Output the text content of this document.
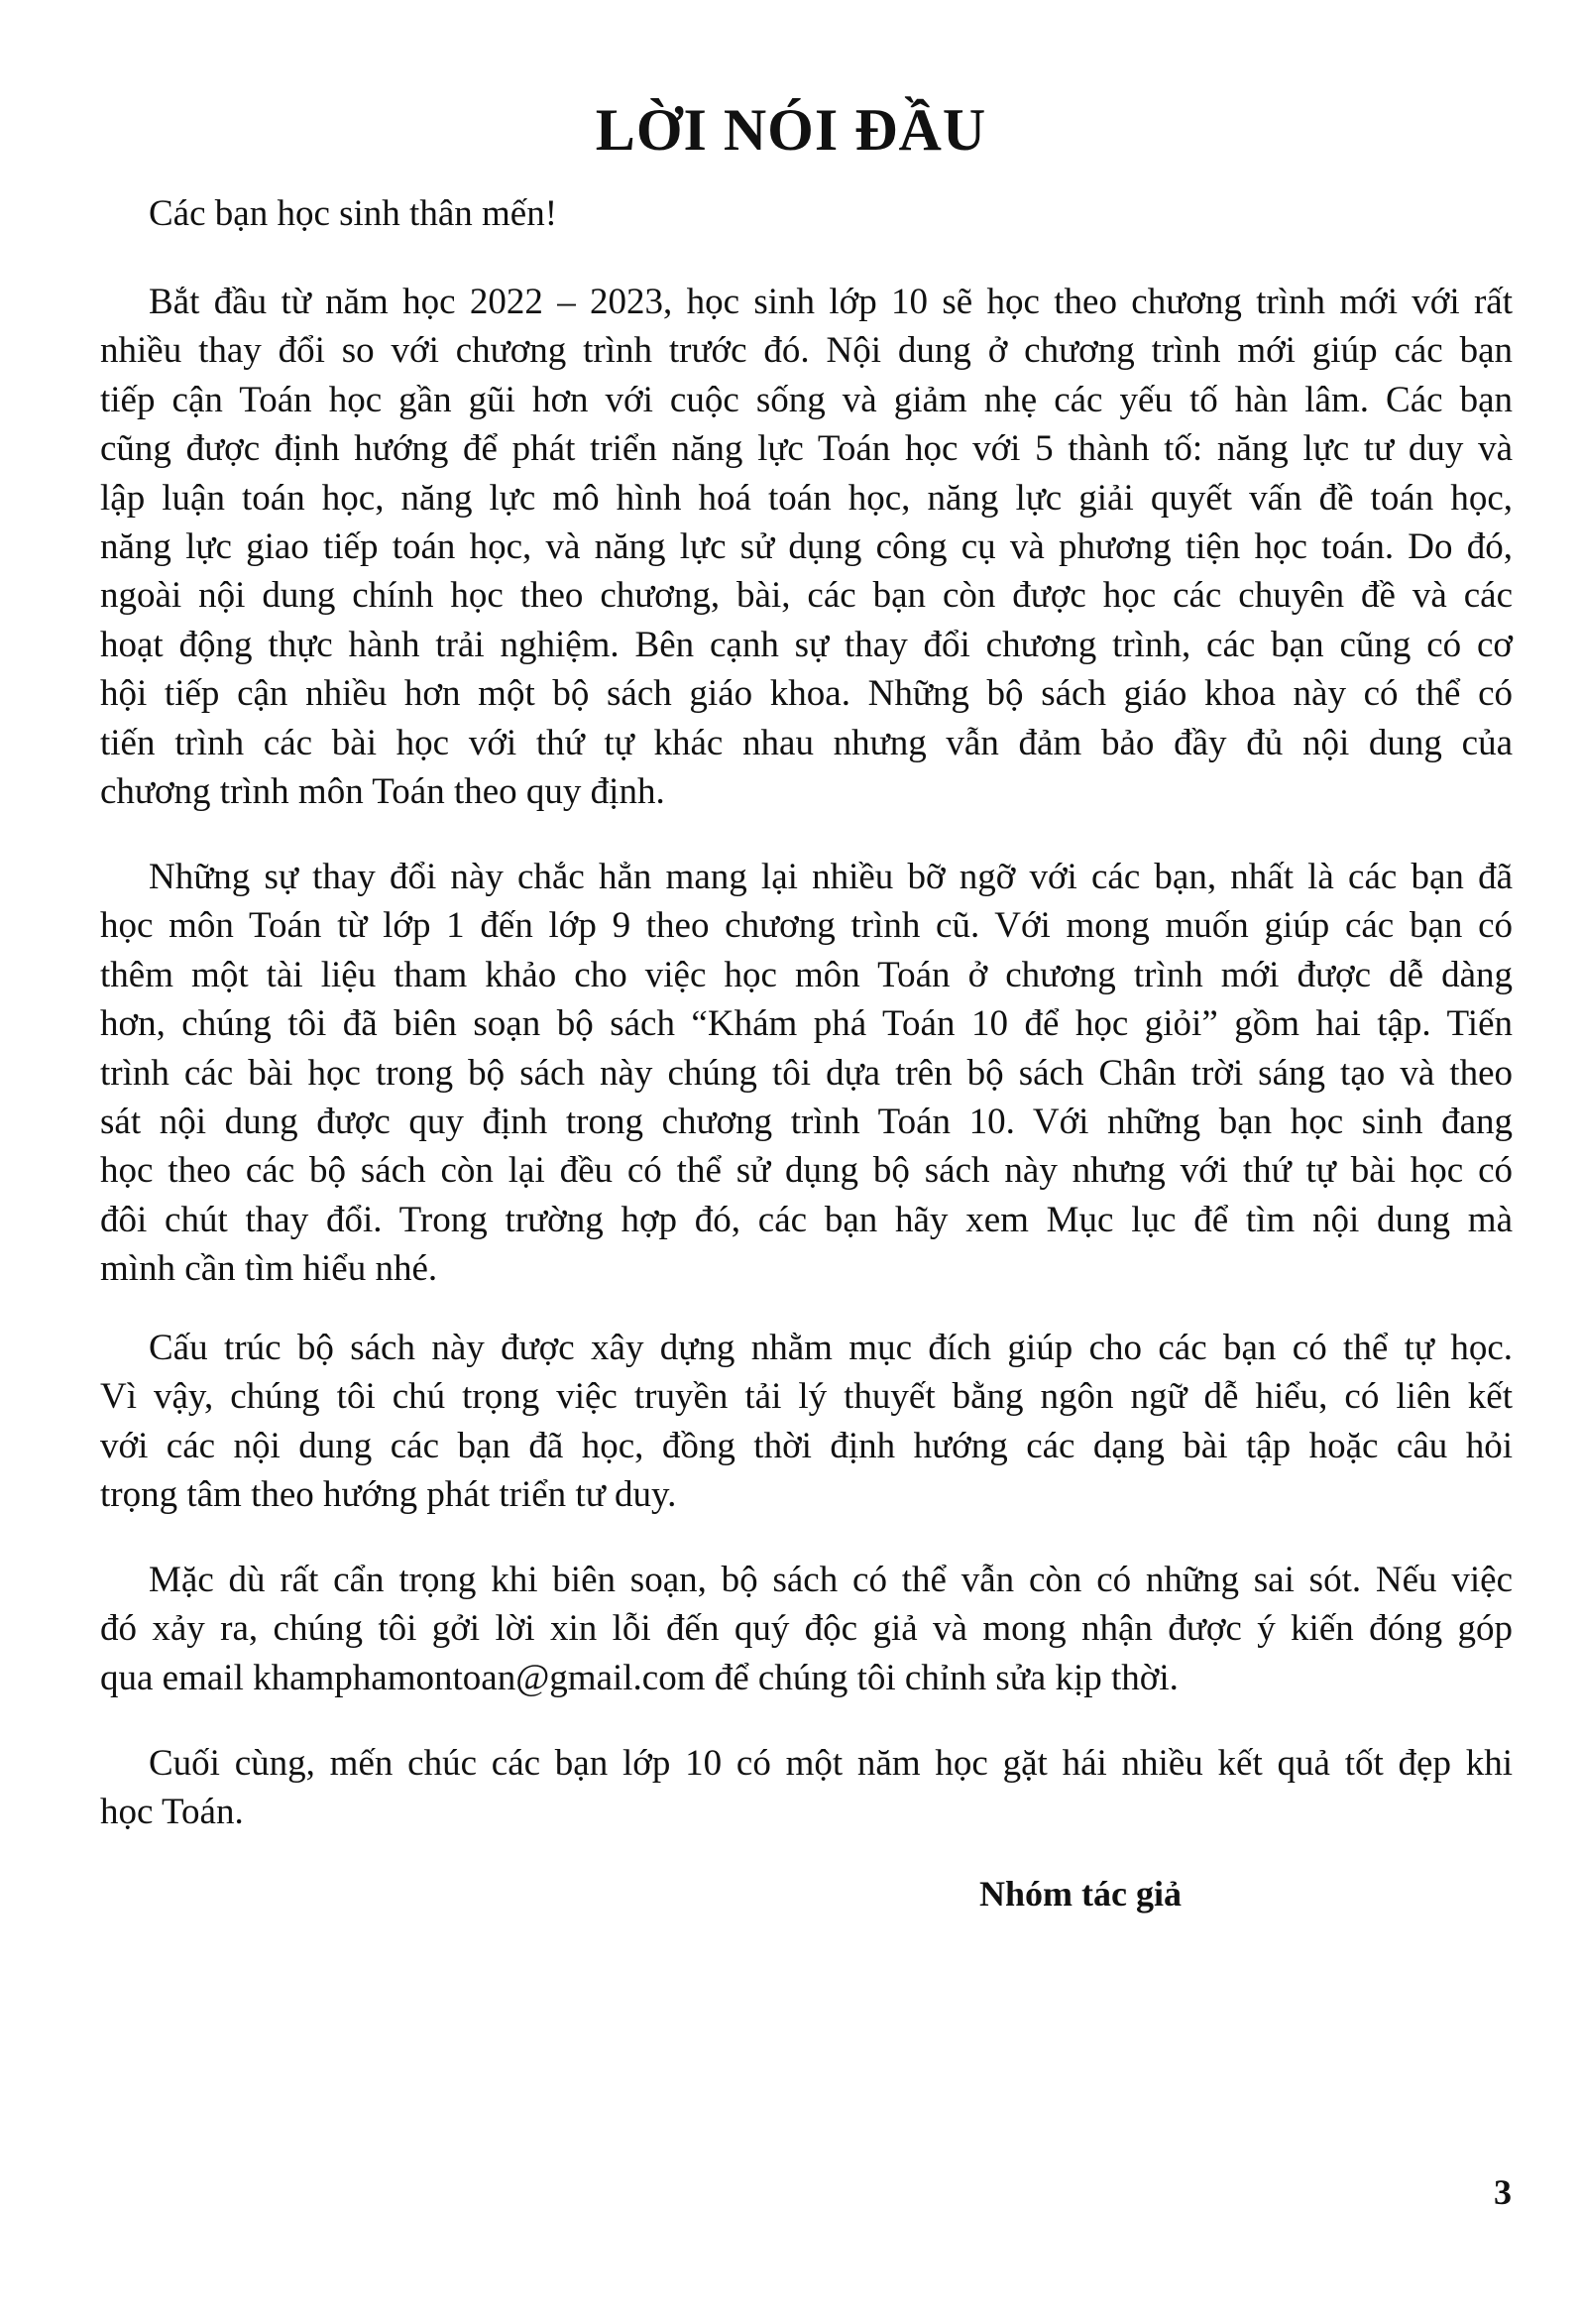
LỜI NÓI ĐẦU
Các bạn học sinh thân mến!
Bắt đầu từ năm học 2022 – 2023, học sinh lớp 10 sẽ học theo chương trình mới với rất
nhiều thay đổi so với chương trình trước đó. Nội dung ở chương trình mới giúp các bạn
tiếp cận Toán học gần gũi hơn với cuộc sống và giảm nhẹ các yếu tố hàn lâm. Các bạn
cũng được định hướng để phát triển năng lực Toán học với 5 thành tố: năng lực tư duy và
lập luận toán học, năng lực mô hình hoá toán học, năng lực giải quyết vấn đề toán học,
năng lực giao tiếp toán học, và năng lực sử dụng công cụ và phương tiện học toán. Do đó,
ngoài nội dung chính học theo chương, bài, các bạn còn được học các chuyên đề và các
hoạt động thực hành trải nghiệm. Bên cạnh sự thay đổi chương trình, các bạn cũng có cơ
hội tiếp cận nhiều hơn một bộ sách giáo khoa. Những bộ sách giáo khoa này có thể có
tiến trình các bài học với thứ tự khác nhau nhưng vẫn đảm bảo đầy đủ nội dung của
chương trình môn Toán theo quy định.
Những sự thay đổi này chắc hẳn mang lại nhiều bỡ ngỡ với các bạn, nhất là các bạn đã
học môn Toán từ lớp 1 đến lớp 9 theo chương trình cũ. Với mong muốn giúp các bạn có
thêm một tài liệu tham khảo cho việc học môn Toán ở chương trình mới được dễ dàng
hơn, chúng tôi đã biên soạn bộ sách “Khám phá Toán 10 để học giỏi” gồm hai tập. Tiến
trình các bài học trong bộ sách này chúng tôi dựa trên bộ sách Chân trời sáng tạo và theo
sát nội dung được quy định trong chương trình Toán 10. Với những bạn học sinh đang
học theo các bộ sách còn lại đều có thể sử dụng bộ sách này nhưng với thứ tự bài học có
đôi chút thay đổi. Trong trường hợp đó, các bạn hãy xem Mục lục để tìm nội dung mà
mình cần tìm hiểu nhé.
Cấu trúc bộ sách này được xây dựng nhằm mục đích giúp cho các bạn có thể tự học.
Vì vậy, chúng tôi chú trọng việc truyền tải lý thuyết bằng ngôn ngữ dễ hiểu, có liên kết
với các nội dung các bạn đã học, đồng thời định hướng các dạng bài tập hoặc câu hỏi
trọng tâm theo hướng phát triển tư duy.
Mặc dù rất cẩn trọng khi biên soạn, bộ sách có thể vẫn còn có những sai sót. Nếu việc
đó xảy ra, chúng tôi gởi lời xin lỗi đến quý độc giả và mong nhận được ý kiến đóng góp
qua email khamphamontoan@gmail.com để chúng tôi chỉnh sửa kịp thời.
Cuối cùng, mến chúc các bạn lớp 10 có một năm học gặt hái nhiều kết quả tốt đẹp khi
học Toán.
Nhóm tác giả
3
